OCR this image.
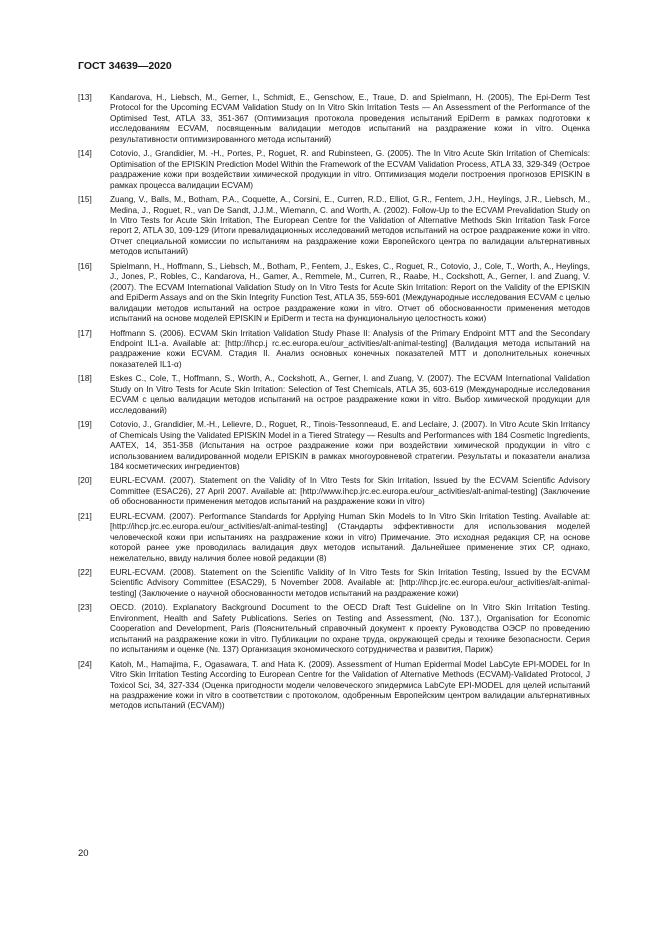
ГОСТ 34639—2020
[13]	Kandarova, H., Liebsch, M., Gerner, I., Schmidt, E., Genschow, E., Traue, D. and Spielmann, H. (2005), The Epi-Derm Test Protocol for the Upcoming ECVAM Validation Study on In Vitro Skin Irritation Tests — An Assessment of the Performance of the Optimised Test, ATLA 33, 351-367 (Оптимизация протокола проведения испытаний EpiDerm в рамках подготовки к исследованиям ECVAM, посвященным валидации методов испытаний на раздражение кожи in vitro. Оценка результативности оптимизированного метода испытаний)
[14]	Cotovio, J., Grandidier, M. -H., Portes, P., Roguet, R. and Rubinsteen, G. (2005). The In Vitro Acute Skin Irritation of Chemicals: Optimisation of the EPISKIN Prediction Model Within the Framework of the ECVAM Validation Process, ATLA 33, 329-349 (Острое раздражение кожи при воздействии химической продукции in vitro. Оптимизация модели построения прогнозов EPISKIN в рамках процесса валидации ECVAM)
[15]	Zuang, V., Balls, M., Botham, P.A., Coquette, A., Corsini, E., Curren, R.D., Elliot, G.R., Fentem, J.H., Heylings, J.R., Liebsch, M., Medina, J., Roguet, R., van De Sandt, J.J.M., Wiemann, C. and Worth, A. (2002). Follow-Up to the ECVAM Prevalidation Study on In Vitro Tests for Acute Skin Irritation, The European Centre for the Validation of Alternative Methods Skin Irritation Task Force report 2, ATLA 30, 109-129 (Итоги превалидационных исследований методов испытаний на острое раздражение кожи in vitro. Отчет специальной комиссии по испытаниям на раздражение кожи Европейского центра по валидации альтернативных методов испытаний)
[16]	Spielmann, H., Hoffmann, S., Liebsch, M., Botham, P., Fentem, J., Eskes, C., Roguet, R., Cotovio, J., Cole, T., Worth, A., Heylings, J., Jones, P., Robles, C., Kandarova, H., Gamer, A., Remmele, M., Curren, R., Raabe, H., Cockshott, A., Gerner, I. and Zuang, V. (2007). The ECVAM International Validation Study on In Vitro Tests for Acute Skin Irritation: Report on the Validity of the EPISKIN and EpiDerm Assays and on the Skin Integrity Function Test, ATLA 35, 559-601 (Международные исследования ECVAM с целью валидации методов испытаний на острое раздражение кожи in vitro. Отчет об обоснованности применения методов испытаний на основе моделей EPISKIN и EpiDerm и теста на функциональную целостность кожи)
[17]	Hoffmann S. (2006). ECVAM Skin Irritation Validation Study Phase II: Analysis of the Primary Endpoint MTT and the Secondary Endpoint IL1-a. Available at: [http://ihcp.j rc.ec.europa.eu/our_activities/alt-animal-testing] (Валидация метода испытаний на раздражение кожи ECVAM. Стадия II. Анализ основных конечных показателей МТТ и дополнительных конечных показателей IL1-α)
[18]	Eskes C., Cole, T., Hoffmann, S., Worth, A., Cockshott, A., Gerner, I. and Zuang, V. (2007). The ECVAM International Validation Study on In Vitro Tests for Acute Skin Irritation: Selection of Test Chemicals, ATLA 35, 603-619 (Международные исследования ECVAM с целью валидации методов испытаний на острое раздражение кожи in vitro. Выбор химической продукции для исследований)
[19]	Cotovio, J., Grandidier, M.-H., Lelievre, D., Roguet, R., Tinois-Tessonneaud, E. and Leclaire, J. (2007). In Vitro Acute Skin Irritancy of Chemicals Using the Validated EPISKIN Model in a Tiered Strategy — Results and Performances with 184 Cosmetic Ingredients, AATEX, 14, 351-358 (Испытания на острое раздражение кожи при воздействии химической продукции in vitro с использованием валидированной модели EPISKIN в рамках многоуровневой стратегии. Результаты и показатели анализа 184 косметических ингредиентов)
[20]	EURL-ECVAM. (2007). Statement on the Validity of In Vitro Tests for Skin Irritation, Issued by the ECVAM Scientific Advisory Committee (ESAC26), 27 April 2007. Available at: [http://www.ihcp.jrc.ec.europa.eu/our_activities/alt-animal-testing] (Заключение об обоснованности применения методов испытаний на раздражение кожи in vitro)
[21]	EURL-ECVAM. (2007). Performance Standards for Applying Human Skin Models to In Vitro Skin Irritation Testing. Available at: [http://ihcp.jrc.ec.europa.eu/our_activities/alt-animal-testing] (Стандарты эффективности для использования моделей человеческой кожи при испытаниях на раздражение кожи in vitro) Примечание. Это исходная редакция СР, на основе которой ранее уже проводилась валидация двух методов испытаний. Дальнейшее применение этих СР, однако, нежелательно, ввиду наличия более новой редакции (8)
[22]	EURL-ECVAM. (2008). Statement on the Scientific Validity of In Vitro Tests for Skin Irritation Testing, Issued by the ECVAM Scientific Advisory Committee (ESAC29), 5 November 2008. Available at: [http://ihcp.jrc.ec.europa.eu/our_activities/alt-animal-testing] (Заключение о научной обоснованности методов испытаний на раздражение кожи)
[23]	OECD. (2010). Explanatory Background Document to the OECD Draft Test Guideline on In Vitro Skin Irritation Testing. Environment, Health and Safety Publications. Series on Testing and Assessment, (No. 137.), Organisation for Economic Cooperation and Development, Paris (Пояснительный справочный документ к проекту Руководства ОЭСР по проведению испытаний на раздражение кожи in vitro. Публикации по охране труда, окружающей среды и технике безопасности. Серия по испытаниям и оценке (№. 137) Организация экономического сотрудничества и развития, Париж)
[24]	Katoh, M., Hamajima, F., Ogasawara, T. and Hata K. (2009). Assessment of Human Epidermal Model LabCyte EPI-MODEL for In Vitro Skin Irritation Testing According to European Centre for the Validation of Alternative Methods (ECVAM)-Validated Protocol, J Toxicol Sci, 34, 327-334 (Оценка пригодности модели человеческого эпидермиса LabCyte EPI-MODEL для целей испытаний на раздражение кожи in vitro в соответствии с протоколом, одобренным Европейским центром валидации альтернативных методов испытаний (ECVAM))
20
